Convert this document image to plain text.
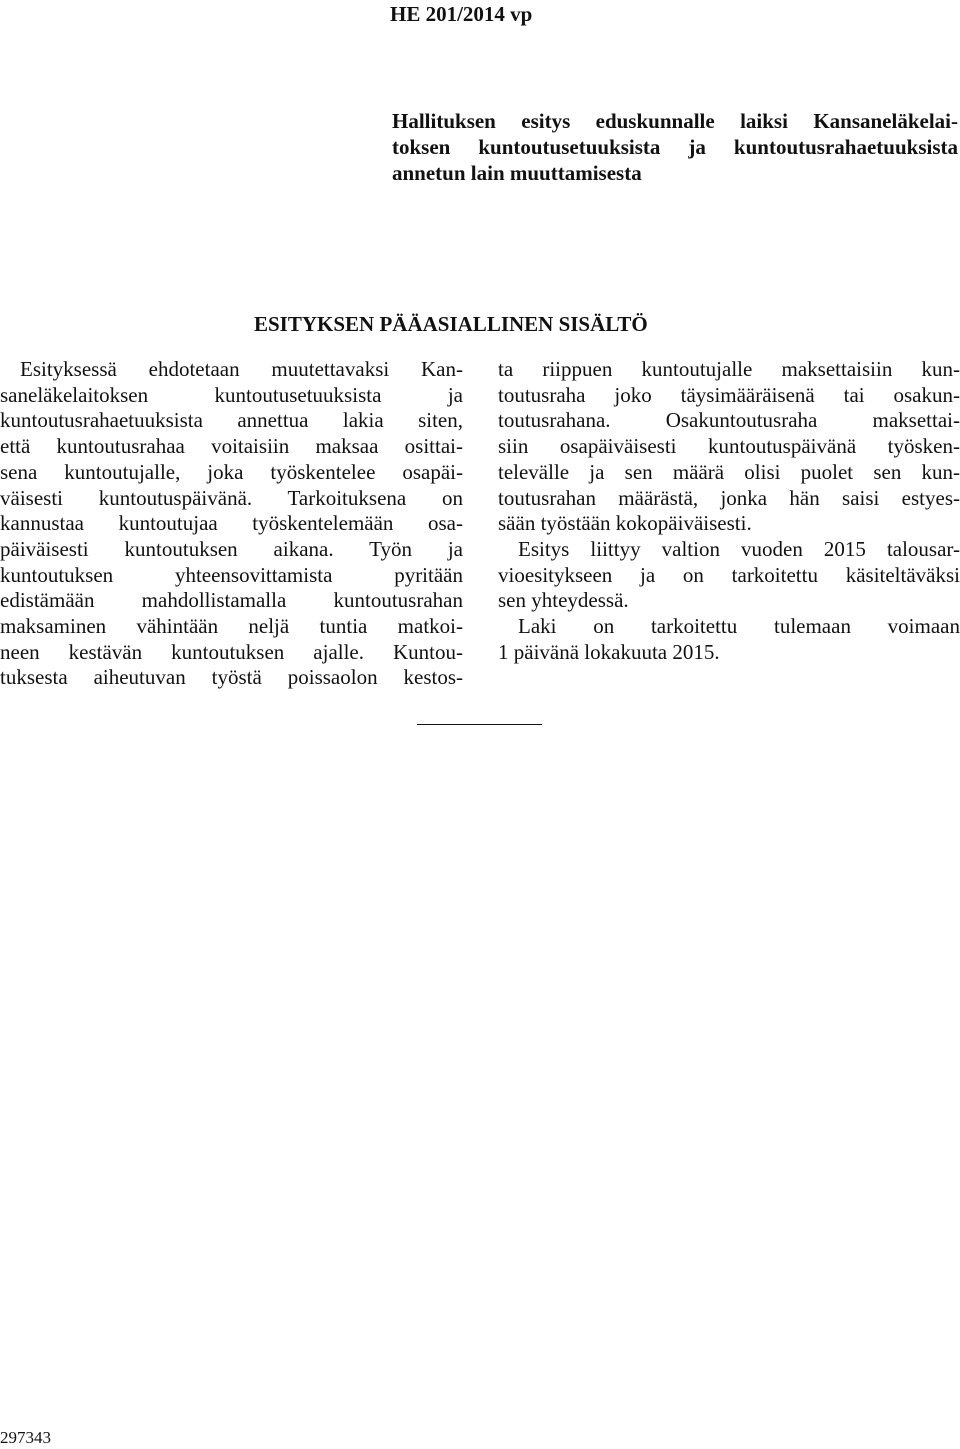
HE 201/2014 vp
Hallituksen esitys eduskunnalle laiksi Kansaneläkelai-
toksen kuntoutusetuuksista ja kuntoutusrahaetuuksista
annetun lain muuttamisesta
ESITYKSEN PÄÄASIALLINEN SISÄLTÖ
Esityksessä ehdotetaan muutettavaksi Kan-
saneläkelaitoksen kuntoutusetuuksista ja
kuntoutusrahaetuuksista annettua lakia siten,
että kuntoutusrahaa voitaisiin maksaa osittai-
sena kuntoutujalle, joka työskentelee osapäi-
väisesti kuntoutuspäivänä. Tarkoituksena on
kannustaa kuntoutujaa työskentelemään osa-
päiväisesti kuntoutuksen aikana. Työn ja
kuntoutuksen yhteensovittamista pyritään
edistämään mahdollistamalla kuntoutusrahan
maksaminen vähintään neljä tuntia matkoi-
neen kestävän kuntoutuksen ajalle. Kuntou-
tuksesta aiheutuvan työstä poissaolon kestos-
ta riippuen kuntoutujalle maksettaisiin kun-
toutusraha joko täysimääräisenä tai osakun-
toutusrahana. Osakuntoutusraha maksettai-
siin osapäiväisesti kuntoutuspäivänä työsken-
televälle ja sen määrä olisi puolet sen kun-
toutusrahan määrästä, jonka hän saisi estyes-
sään työstään kokopäiväisesti.
Esitys liittyy valtion vuoden 2015 talousar-
vioesitykseen ja on tarkoitettu käsiteltäväksi
sen yhteydessä.
Laki on tarkoitettu tulemaan voimaan
1 päivänä lokakuuta 2015.
297343
